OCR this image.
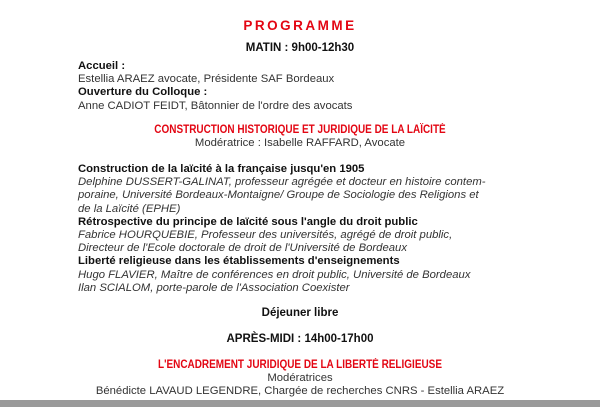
PROGRAMME
MATIN : 9h00-12h30
Accueil :
Estellia ARAEZ avocate, Présidente SAF Bordeaux
Ouverture du Colloque :
Anne CADIOT FEIDT, Bâtonnier de l'ordre des avocats
CONSTRUCTION HISTORIQUE ET JURIDIQUE DE LA LAÏCITÉ
Modératrice : Isabelle RAFFARD, Avocate
Construction de la laïcité à la française jusqu'en 1905
Delphine DUSSERT-GALINAT, professeur agrégée et docteur en histoire contem-
poraine, Université Bordeaux-Montaigne/ Groupe de Sociologie des Religions et
de la Laïcité (EPHE)
Rétrospective du principe de laïcité sous l'angle du droit public
Fabrice HOURQUEBIE, Professeur des universités, agrégé de droit public,
Directeur de l'Ecole doctorale de droit de l'Université de Bordeaux
Liberté religieuse dans les établissements d'enseignements
Hugo FLAVIER, Maître de conférences en droit public, Université de Bordeaux
Ilan SCIALOM, porte-parole de l'Association Coexister
Déjeuner libre
APRÈS-MIDI : 14h00-17h00
L'ENCADREMENT JURIDIQUE DE LA LIBERTÉ RELIGIEUSE
Modératrices
Bénédicte LAVAUD LEGENDRE, Chargée de recherches CNRS - Estellia ARAEZ
